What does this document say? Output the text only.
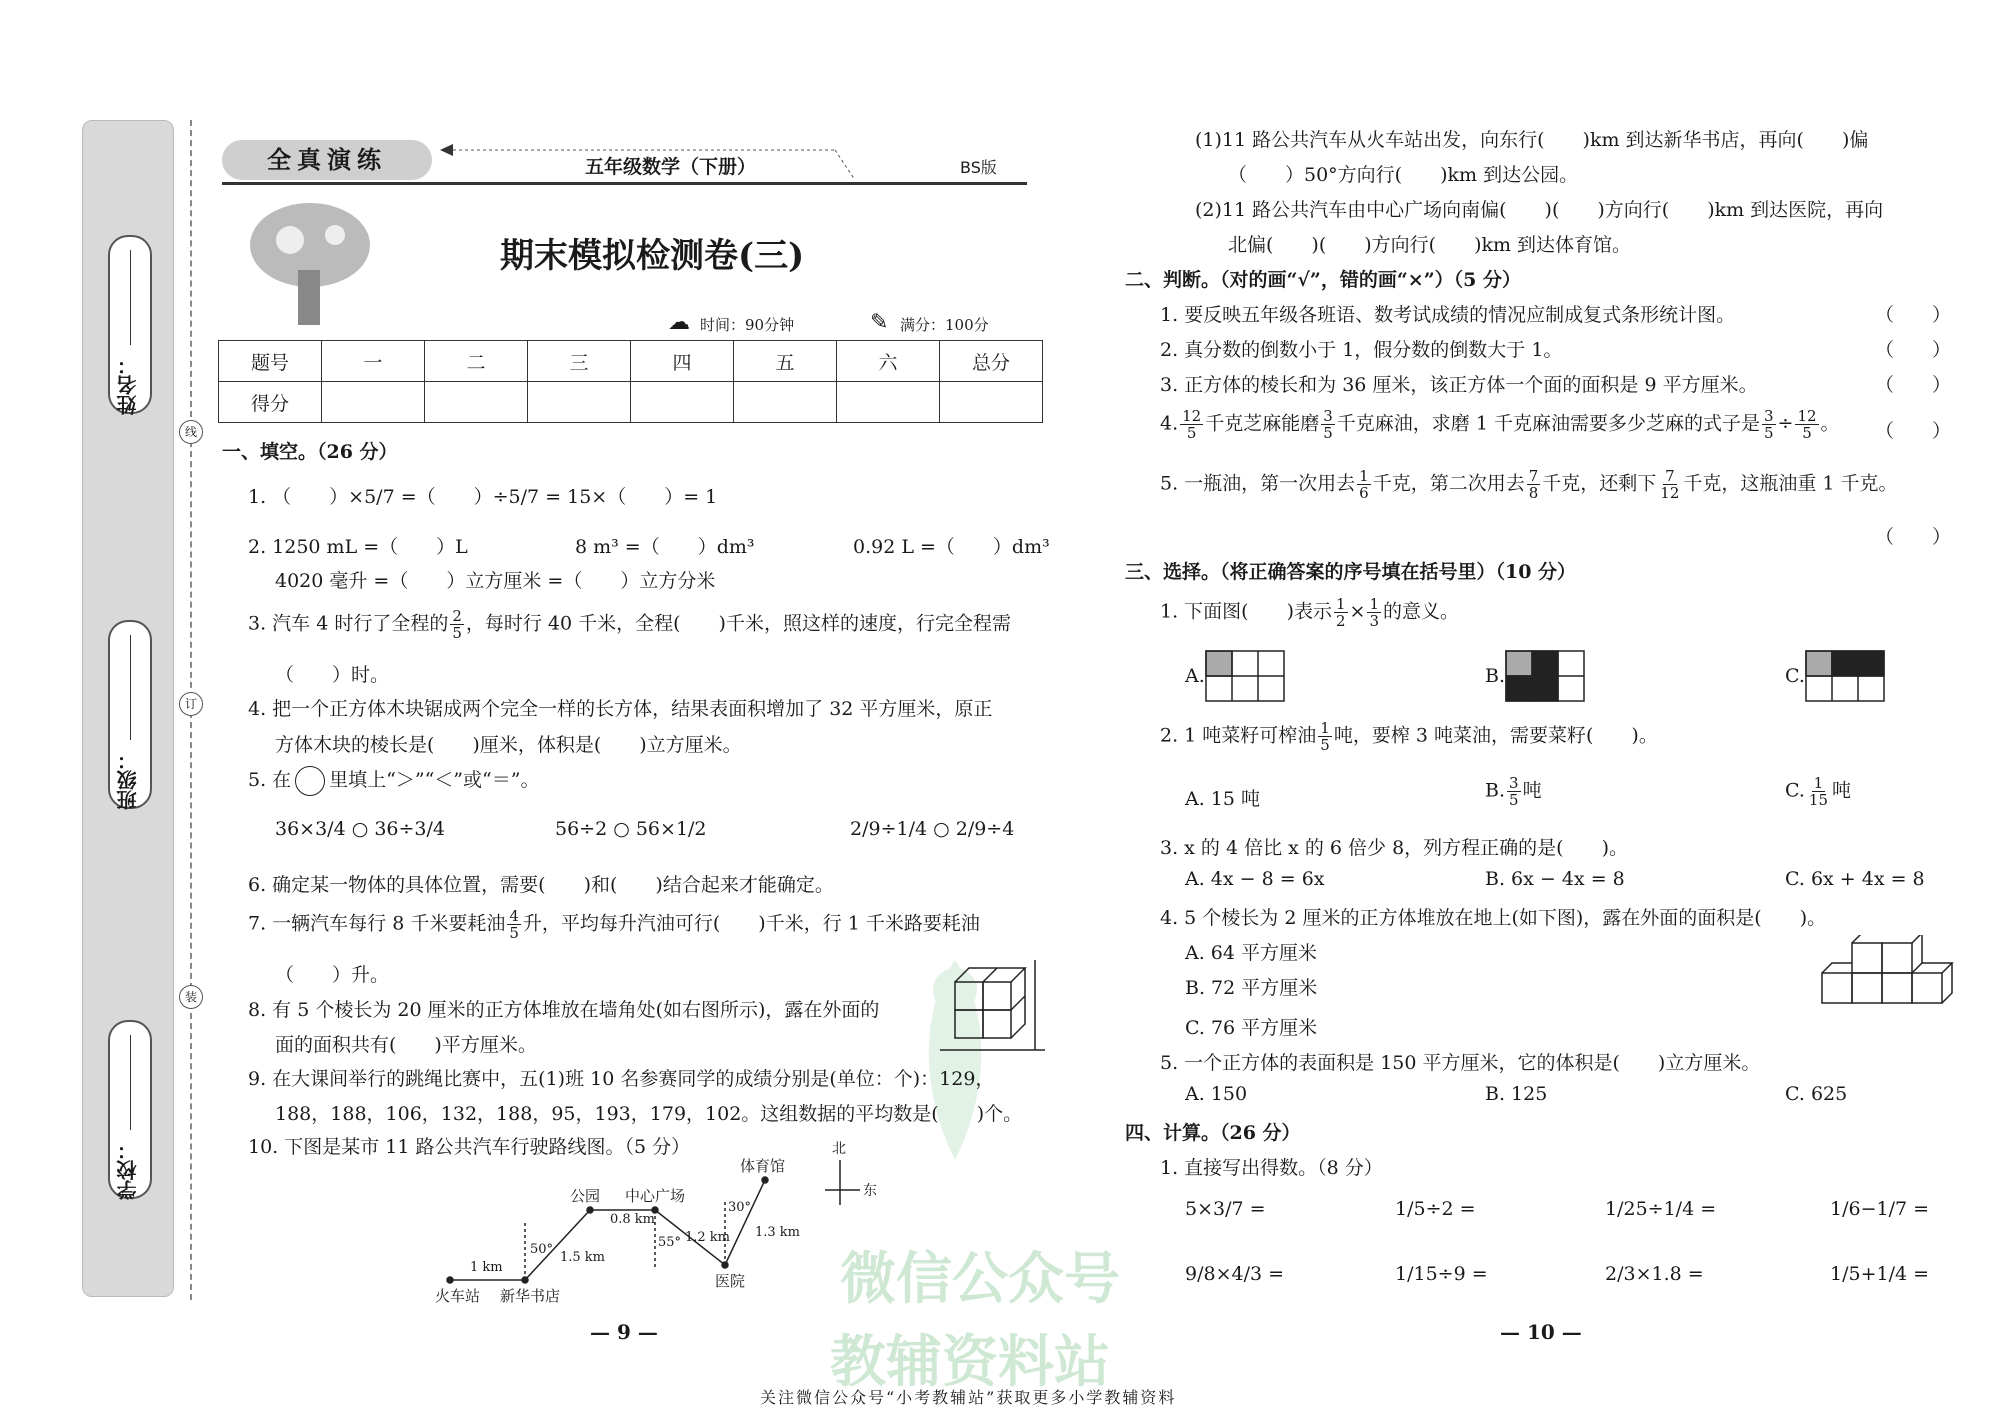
微信公众号
教辅资料站
姓名：
班级：
学校：
线
订
装
全真演练	五年级数学（下册）	BS版
期末模拟检测卷(三)
时间：90分钟	满分：100分
☁	✎
题号	一	二	三	四	五	六	总分
得分							
一、填空。（26 分）
1. （　　）×5/7 =（　　）÷5/7 = 15×（　　）= 1
2. 1250 mL =（　　）L	8 m³ =（　　）dm³	0.92 L =（　　）dm³
4020 毫升 =（　　）立方厘米 =（　　）立方分米
3. 汽车 4 时行了全程的 $\frac{2}{5}$ ，每时行 40 千米，全程(　　)千米，照这样的速度，行完全程需
（　　）时。
4. 把一个正方体木块锯成两个完全一样的长方体，结果表面积增加了 32 平方厘米，原正
方体木块的棱长是(　　)厘米，体积是(　　)立方厘米。
5. 在 里填上“＞”“＜”或“＝”。
36×3/4 ○ 36÷3/4	56÷2 ○ 56×1/2	2/9÷1/4 ○ 2/9÷4
6. 确定某一物体的具体位置，需要(　　)和(　　)结合起来才能确定。
7. 一辆汽车每行 8 千米要耗油 $\frac{4}{5}$ 升，平均每升汽油可行(　　)千米，行 1 千米路要耗油
（　　）升。
8. 有 5 个棱长为 20 厘米的正方体堆放在墙角处(如右图所示)，露在外面的
面的面积共有(　　)平方厘米。
9. 在大课间举行的跳绳比赛中，五(1)班 10 名参赛同学的成绩分别是(单位：个)：129，
188，188，106，132，188，95，193，179，102。这组数据的平均数是(　　)个。
10. 下图是某市 11 路公共汽车行驶路线图。（5 分）
火车站 新华书店
公园 中心广场
体育馆
医院
1 km
1.5 km
0.8 km
1.2 km 1.3 km
50°	55°
30°
北
东
— 9 —
(1)11 路公共汽车从火车站出发，向东行(　　)km 到达新华书店，再向(　　)偏
（　　）50°方向行(　　)km 到达公园。
(2)11 路公共汽车由中心广场向南偏(　　)(　　)方向行(　　)km 到达医院，再向
北偏(　　)(　　)方向行(　　)km 到达体育馆。
二、判断。（对的画“√”，错的画“×”）（5 分）
1. 要反映五年级各班语、数考试成绩的情况应制成复式条形统计图。
2. 真分数的倒数小于 1，假分数的倒数大于 1。
3. 正方体的棱长和为 36 厘米，该正方体一个面的面积是 9 平方厘米。
4. $\frac{12}{5}$ 千克芝麻能磨 $\frac{3}{5}$ 千克麻油，求磨 1 千克麻油需要多少芝麻的式子是 $\frac{3}{5} \div \frac{12}{5}$ 。
5. 一瓶油，第一次用去 $\frac{1}{6}$ 千克，第二次用去 $\frac{7}{8}$ 千克，还剩下 $\frac{7}{12}$ 千克，这瓶油重 1 千克。
（　　）
（　　）
（　　）
（　　）
（　　）
三、选择。（将正确答案的序号填在括号里）（10 分）
1. 下面图(　　)表示 $\frac{1}{2} \times \frac{1}{3}$ 的意义。
A.	B.	C.
2. 1 吨菜籽可榨油 $\frac{1}{5}$ 吨，要榨 3 吨菜油，需要菜籽(　　)。
A. 15 吨	B. $\frac{3}{5}$ 吨	C. $\frac{1}{15}$ 吨
3. x 的 4 倍比 x 的 6 倍少 8，列方程正确的是(　　)。
A. 4x − 8 = 6x	B. 6x − 4x = 8	C. 6x + 4x = 8
4. 5 个棱长为 2 厘米的正方体堆放在地上(如下图)，露在外面的面积是(　　)。
A. 64 平方厘米
B. 72 平方厘米
C. 76 平方厘米
5. 一个正方体的表面积是 150 平方厘米，它的体积是(　　)立方厘米。
A. 150	B. 125	C. 625
四、计算。（26 分）
1. 直接写出得数。（8 分）
5×3/7 =	1/5÷2 =	1/25÷1/4 =	1/6−1/7 =
9/8×4/3 =	1/15÷9 =	2/3×1.8 =	1/5+1/4 =
— 10 —
关注微信公众号“小考教辅站”获取更多小学教辅资料
